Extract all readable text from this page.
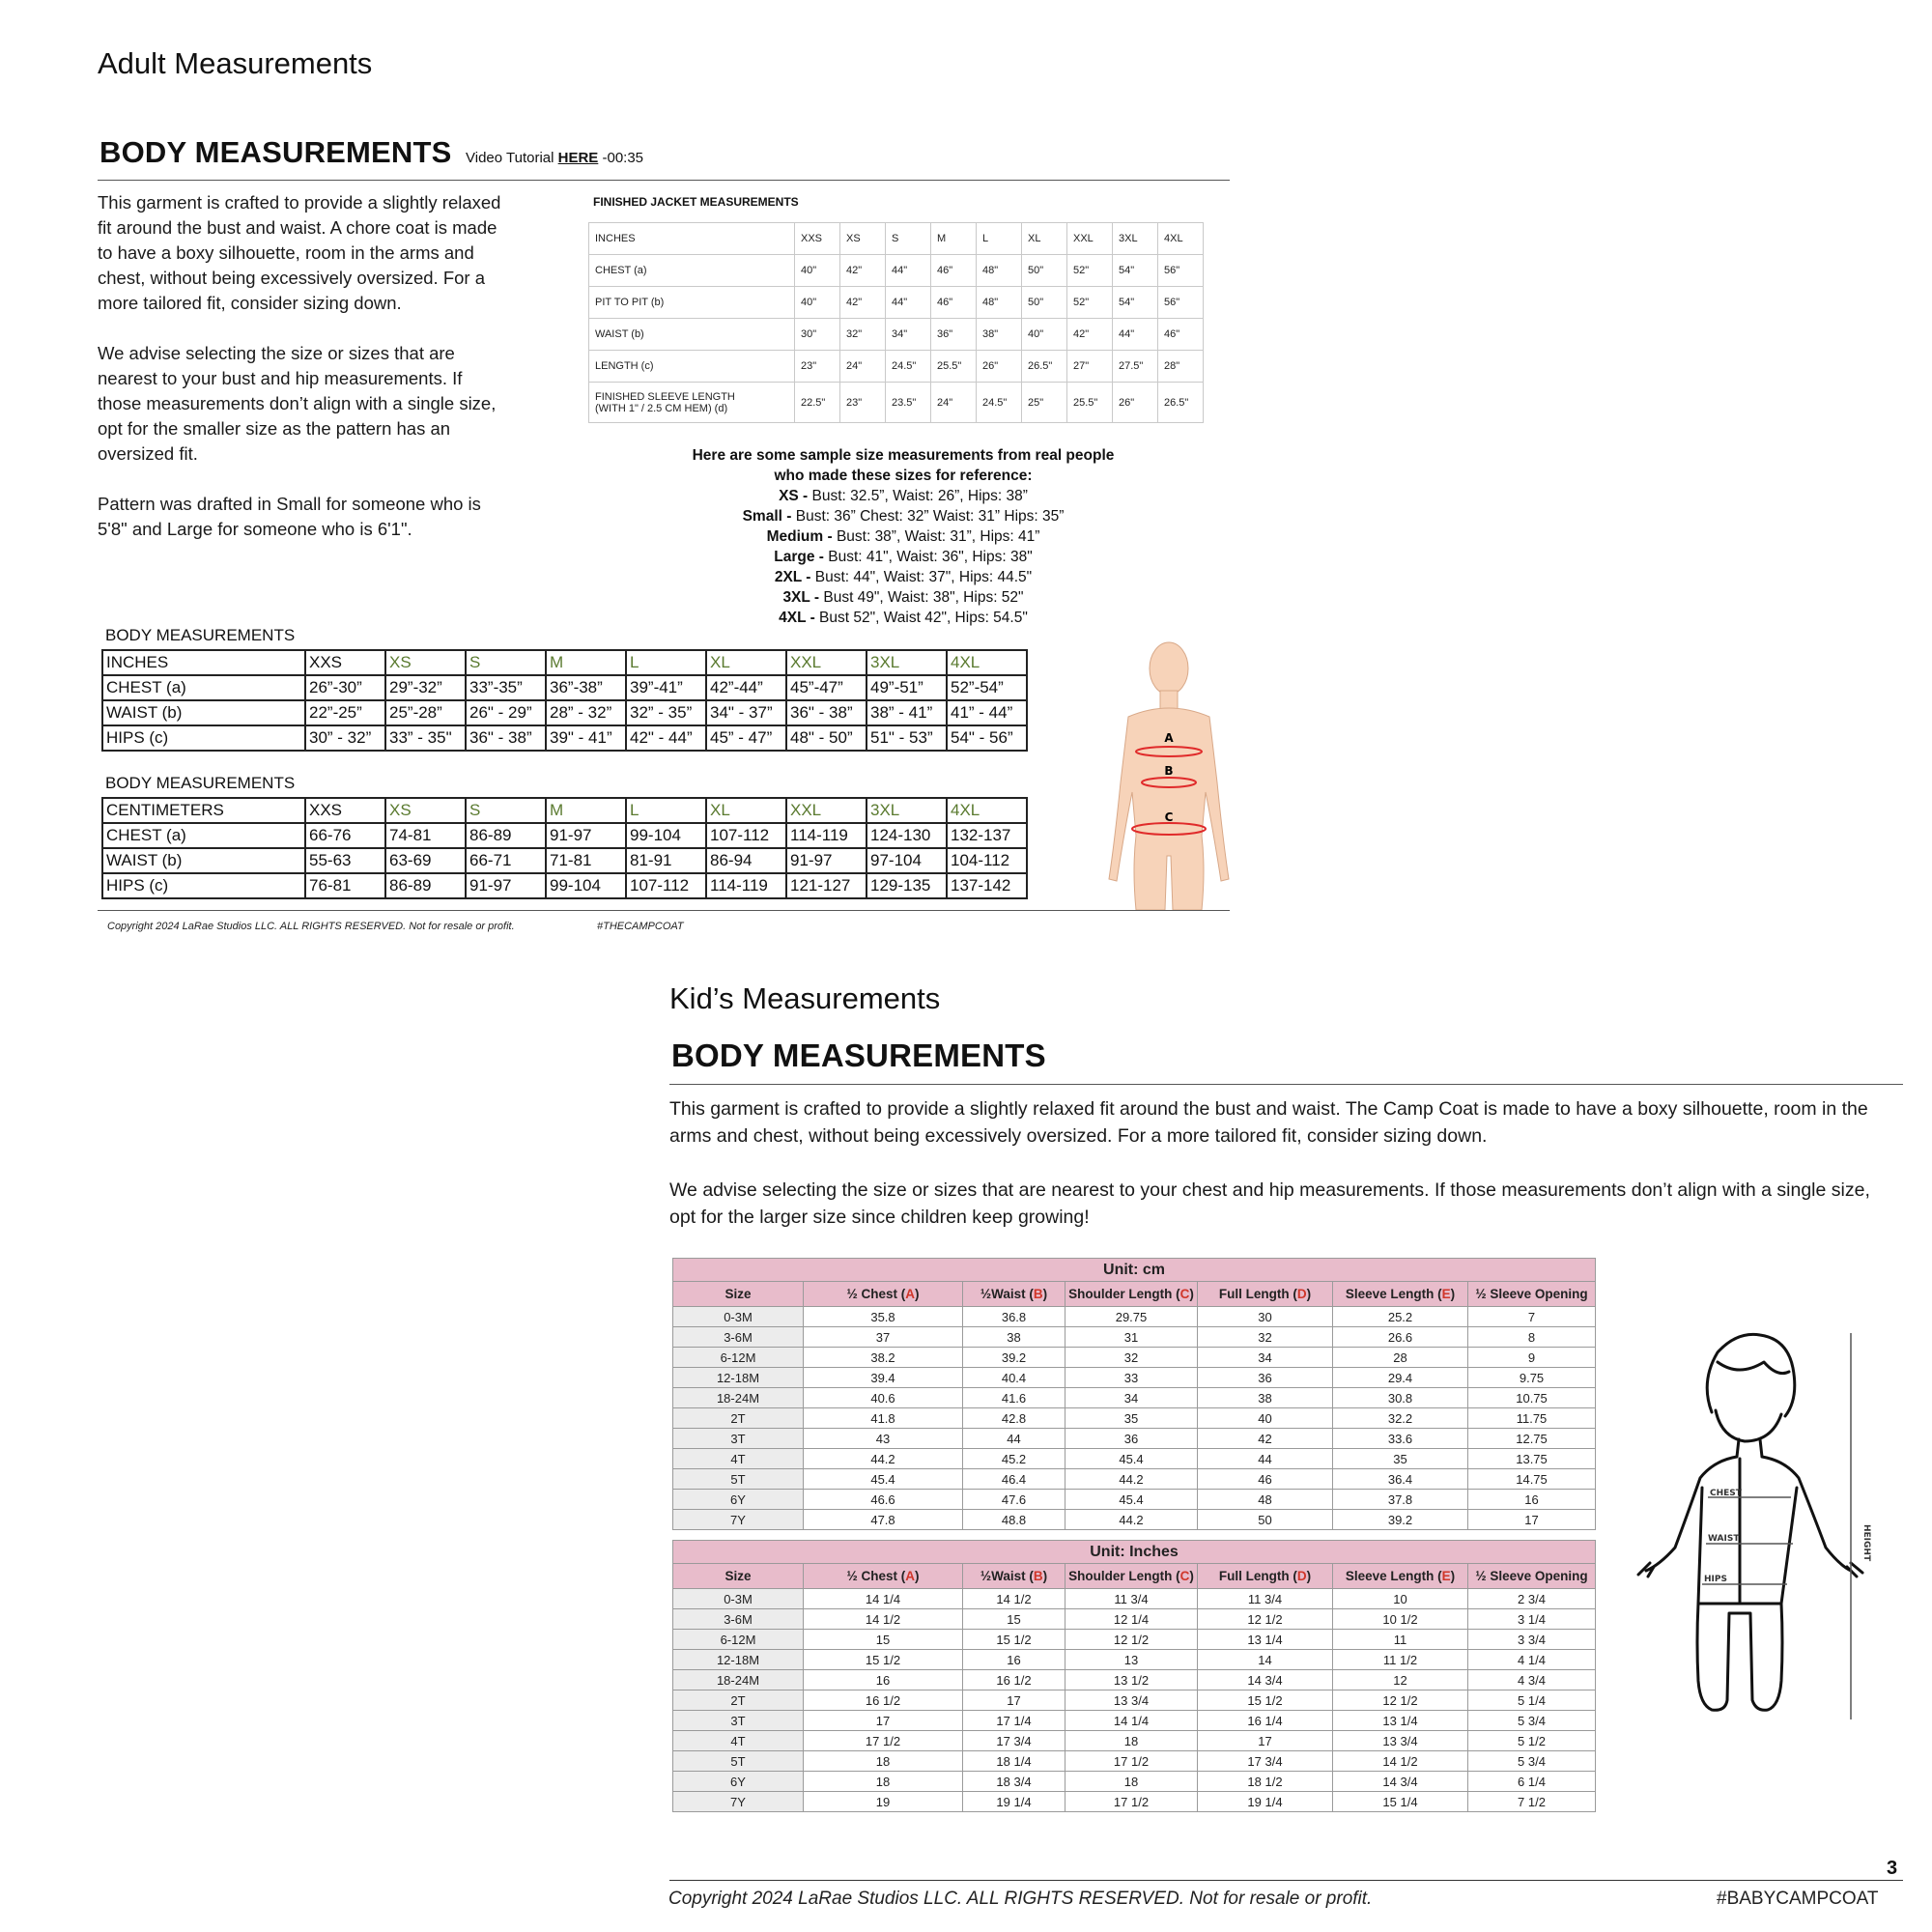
Adult Measurements
BODY MEASUREMENTS Video Tutorial HERE -00:35

This garment is crafted to provide a slightly relaxed fit around the bust and waist. A chore coat is made to have a boxy silhouette, room in the arms and chest, without being excessively oversized. For a more tailored fit, consider sizing down.

We advise selecting the size or sizes that are nearest to your bust and hip measurements. If those measurements don’t align with a single size, opt for the smaller size as the pattern has an oversized fit.

Pattern was drafted in Small for someone who is 5'8" and Large for someone who is 6'1".

FINISHED JACKET MEASUREMENTS
INCHES	XXS	XS	S	M	L	XL	XXL	3XL	4XL
CHEST (a)	40"	42"	44"	46"	48"	50"	52"	54"	56"
PIT TO PIT (b)	40"	42"	44"	46"	48"	50"	52"	54"	56"
WAIST (b)	30"	32"	34"	36"	38"	40"	42"	44"	46"
LENGTH (c)	23"	24"	24.5"	25.5"	26"	26.5"	27"	27.5"	28"
FINISHED SLEEVE LENGTH
(WITH 1" / 2.5 CM HEM) (d)	22.5"	23"	23.5"	24"	24.5"	25"	25.5"	26"	26.5"
Here are some sample size measurements from real people
who made these sizes for reference:
XS - Bust: 32.5”, Waist: 26”, Hips: 38”
Small - Bust: 36” Chest: 32” Waist: 31” Hips: 35”
Medium - Bust: 38”, Waist: 31”, Hips: 41”
Large - Bust: 41", Waist: 36", Hips: 38"
2XL - Bust: 44", Waist: 37", Hips: 44.5"
3XL - Bust 49", Waist: 38", Hips: 52"
4XL - Bust 52", Waist 42", Hips: 54.5"
BODY MEASUREMENTS
INCHES	XXS	XS	S	M	L	XL	XXL	3XL	4XL
CHEST (a)	26”-30”	29”-32”	33”-35”	36”-38”	39”-41”	42”-44”	45”-47”	49”-51”	52”-54”
WAIST (b)	22”-25”	25”-28”	26" - 29”	28” - 32”	32” - 35”	34" - 37”	36" - 38”	38” - 41”	41” - 44”
HIPS (c)	30” - 32”	33” - 35"	36" - 38”	39" - 41”	42" - 44”	45” - 47”	48" - 50”	51" - 53”	54" - 56”
BODY MEASUREMENTS
CENTIMETERS	XXS	XS	S	M	L	XL	XXL	3XL	4XL
CHEST (a)	66-76	74-81	86-89	91-97	99-104	107-112	114-119	124-130	132-137
WAIST (b)	55-63	63-69	66-71	71-81	81-91	86-94	91-97	97-104	104-112
HIPS (c)	76-81	86-89	91-97	99-104	107-112	114-119	121-127	129-135	137-142
A
B
C
Copyright 2024 LaRae Studios LLC. ALL RIGHTS RESERVED. Not for resale or profit.	#THECAMPCOAT
Kid’s Measurements
BODY MEASUREMENTS

This garment is crafted to provide a slightly relaxed fit around the bust and waist. The Camp Coat is made to have a boxy silhouette, room in the arms and chest, without being excessively oversized. For a more tailored fit, consider sizing down.

We advise selecting the size or sizes that are nearest to your chest and hip measurements. If those measurements don’t align with a single size, opt for the larger size since children keep growing!

Unit: cm						
Size	½ Chest (A)	½Waist (B)	Shoulder Length (C)	Full Length (D)	Sleeve Length (E)	½ Sleeve Opening
0-3M	35.8	36.8	29.75	30	25.2	7
3-6M	37	38	31	32	26.6	8
6-12M	38.2	39.2	32	34	28	9
12-18M	39.4	40.4	33	36	29.4	9.75
18-24M	40.6	41.6	34	38	30.8	10.75
2T	41.8	42.8	35	40	32.2	11.75
3T	43	44	36	42	33.6	12.75
4T	44.2	45.2	45.4	44	35	13.75
5T	45.4	46.4	44.2	46	36.4	14.75
6Y	46.6	47.6	45.4	48	37.8	16
7Y	47.8	48.8	44.2	50	39.2	17
Unit: Inches						
Size	½ Chest (A)	½Waist (B)	Shoulder Length (C)	Full Length (D)	Sleeve Length (E)	½ Sleeve Opening
0-3M	14 1/4	14 1/2	11 3/4	11 3/4	10	2 3/4
3-6M	14 1/2	15	12 1/4	12 1/2	10 1/2	3 1/4
6-12M	15	15 1/2	12 1/2	13 1/4	11	3 3/4
12-18M	15 1/2	16	13	14	11 1/2	4 1/4
18-24M	16	16 1/2	13 1/2	14 3/4	12	4 3/4
2T	16 1/2	17	13 3/4	15 1/2	12 1/2	5 1/4
3T	17	17 1/4	14 1/4	16 1/4	13 1/4	5 3/4
4T	17 1/2	17 3/4	18	17	13 3/4	5 1/2
5T	18	18 1/4	17 1/2	17 3/4	14 1/2	5 3/4
6Y	18	18 3/4	18	18 1/2	14 3/4	6 1/4
7Y	19	19 1/4	17 1/2	19 1/4	15 1/4	7 1/2
CHEST
WAIST
HIPS
HEIGHT
3
Copyright 2024 LaRae Studios LLC. ALL RIGHTS RESERVED. Not for resale or profit.	#BABYCAMPCOAT
